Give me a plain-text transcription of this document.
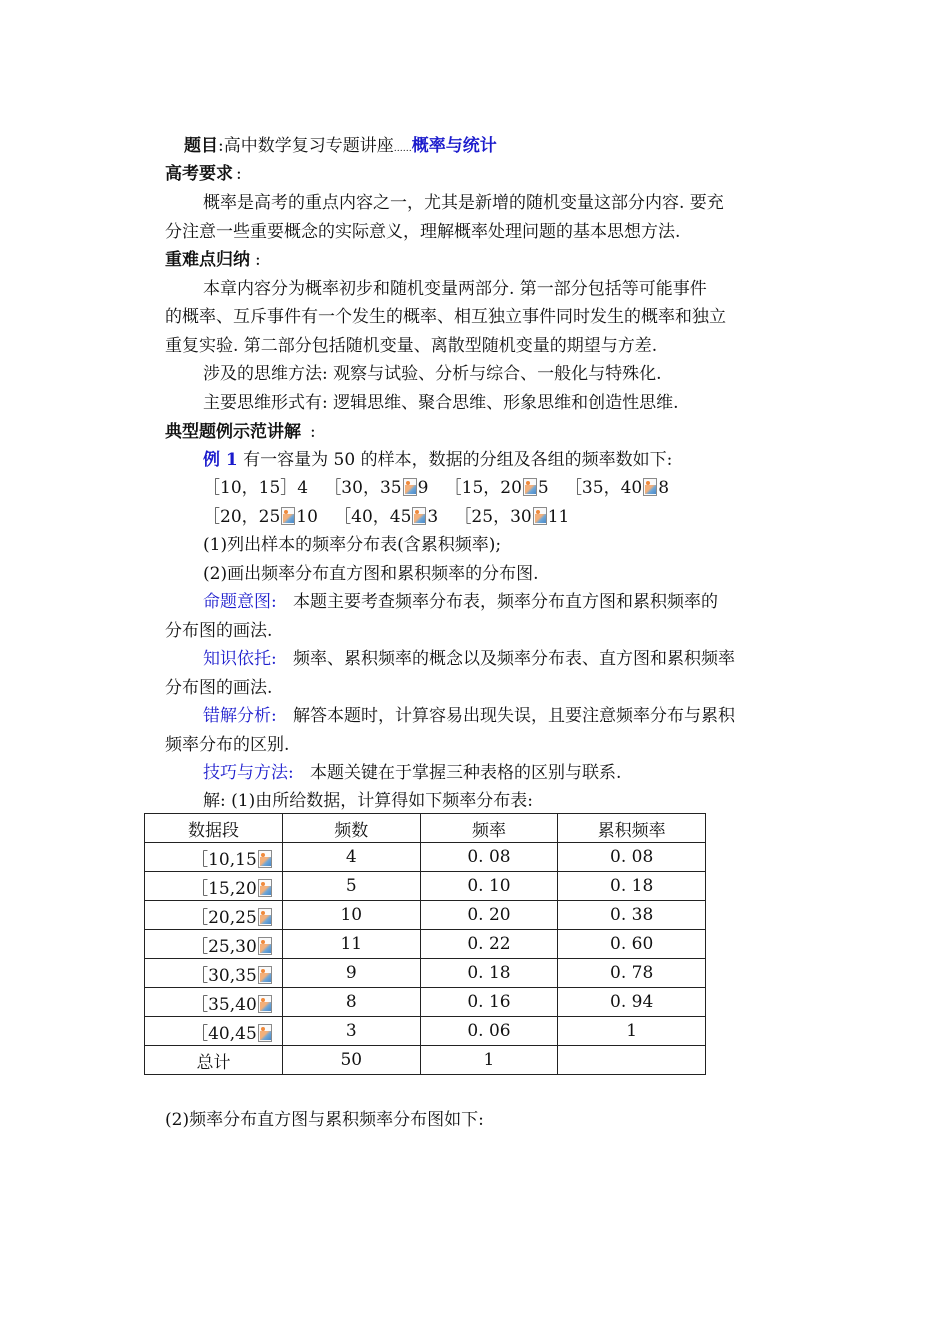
题目:高中数学复习专题讲座……概率与统计
高考要求 :
概率是高考的重点内容之一，尤其是新增的随机变量这部分内容. 要充
分注意一些重要概念的实际意义，理解概率处理问题的基本思想方法.
重难点归纳 :
本章内容分为概率初步和随机变量两部分. 第一部分包括等可能事件
的概率、互斥事件有一个发生的概率、相互独立事件同时发生的概率和独立
重复实验. 第二部分包括随机变量、离散型随机变量的期望与方差.
涉及的思维方法: 观察与试验、分析与综合、一般化与特殊化.
主要思维形式有: 逻辑思维、聚合思维、形象思维和创造性思维.
典型题例示范讲解 :
例 1 有一容量为 50 的样本，数据的分组及各组的频率数如下:
［10，15］4 ［30，35 9 ［15，20 5 ［35，40 8
［20，25 10 ［40，45 3 ［25，30 11
(1)列出样本的频率分布表(含累积频率);
(2)画出频率分布直方图和累积频率的分布图.
命题意图: 本题主要考查频率分布表，频率分布直方图和累积频率的
分布图的画法.
知识依托: 频率、累积频率的概念以及频率分布表、直方图和累积频率
分布图的画法.
错解分析: 解答本题时，计算容易出现失误，且要注意频率分布与累积
频率分布的区别.
技巧与方法: 本题关键在于掌握三种表格的区别与联系.
解: (1)由所给数据，计算得如下频率分布表:
数据段	频数	频率	累积频率
［10,15	4	0. 08	0. 08
［15,20	5	0. 10	0. 18
［20,25	10	0. 20	0. 38
［25,30	11	0. 22	0. 60
［30,35	9	0. 18	0. 78
［35,40	8	0. 16	0. 94
［40,45	3	0. 06	1
总计	50	1	
(2)频率分布直方图与累积频率分布图如下:
